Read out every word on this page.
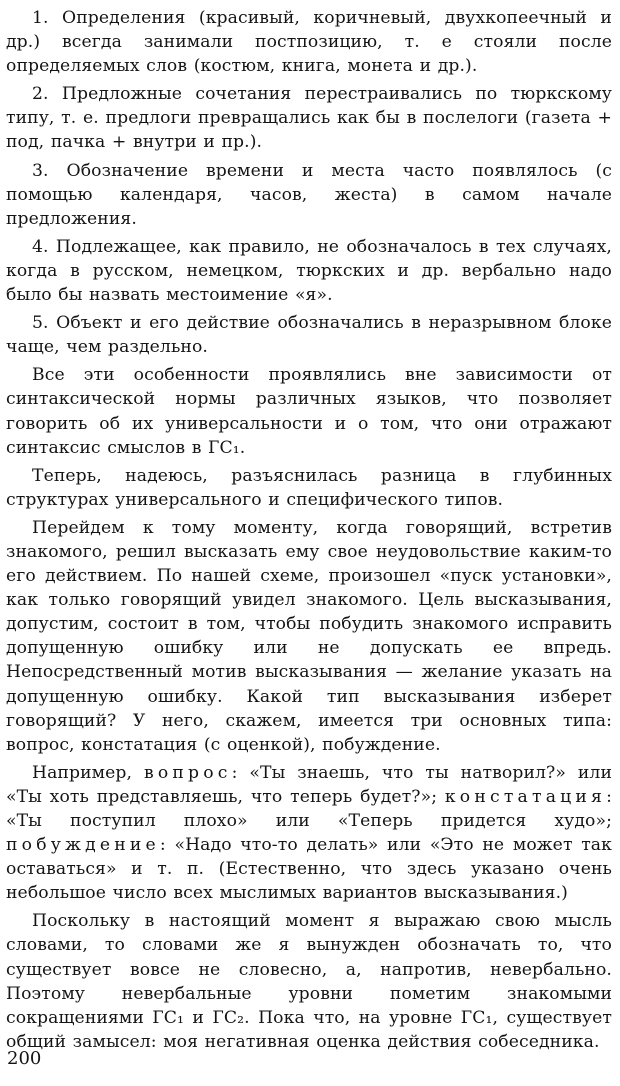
1. Определения (красивый, коричневый, двухкопеечный и др.) всегда занимали постпозицию, т. е стояли после определяемых слов (костюм, книга, монета и др.).

2. Предложные сочетания перестраивались по тюркскому типу, т. е. предлоги превращались как бы в послелоги (газета + под, пачка + внутри и пр.).

3. Обозначение времени и места часто появлялось (с помощью календаря, часов, жеста) в самом начале предложения.

4. Подлежащее, как правило, не обозначалось в тех случаях, когда в русском, немецком, тюркских и др. вербально надо было бы назвать местоимение «я».

5. Объект и его действие обозначались в неразрывном блоке чаще, чем раздельно.

Все эти особенности проявлялись вне зависимости от синтаксической нормы различных языков, что позволяет говорить об их универсальности и о том, что они отражают синтаксис смыслов в ГС₁.

Теперь, надеюсь, разъяснилась разница в глубинных структурах универсального и специфического типов.

Перейдем к тому моменту, когда говорящий, встретив знакомого, решил высказать ему свое неудовольствие каким-то его действием. По нашей схеме, произошел «пуск установки», как только говорящий увидел знакомого. Цель высказывания, допустим, состоит в том, чтобы побудить знакомого исправить допущенную ошибку или не допускать ее впредь. Непосредственный мотив высказывания — желание указать на допущенную ошибку. Какой тип высказывания изберет говорящий? У него, скажем, имеется три основных типа: вопрос, констатация (с оценкой), побуждение.

Например, вопрос: «Ты знаешь, что ты натворил?» или «Ты хоть представляешь, что теперь будет?»; констатация: «Ты поступил плохо» или «Теперь придется худо»; побуждение: «Надо что-то делать» или «Это не может так оставаться» и т. п. (Естественно, что здесь указано очень небольшое число всех мыслимых вариантов высказывания.)

Поскольку в настоящий момент я выражаю свою мысль словами, то словами же я вынужден обозначать то, что существует вовсе не словесно, а, напротив, невербально. Поэтому невербальные уровни пометим знакомыми сокращениями ГС₁ и ГС₂. Пока что, на уровне ГС₁, существует общий замысел: моя негативная оценка действия собеседника.

200
